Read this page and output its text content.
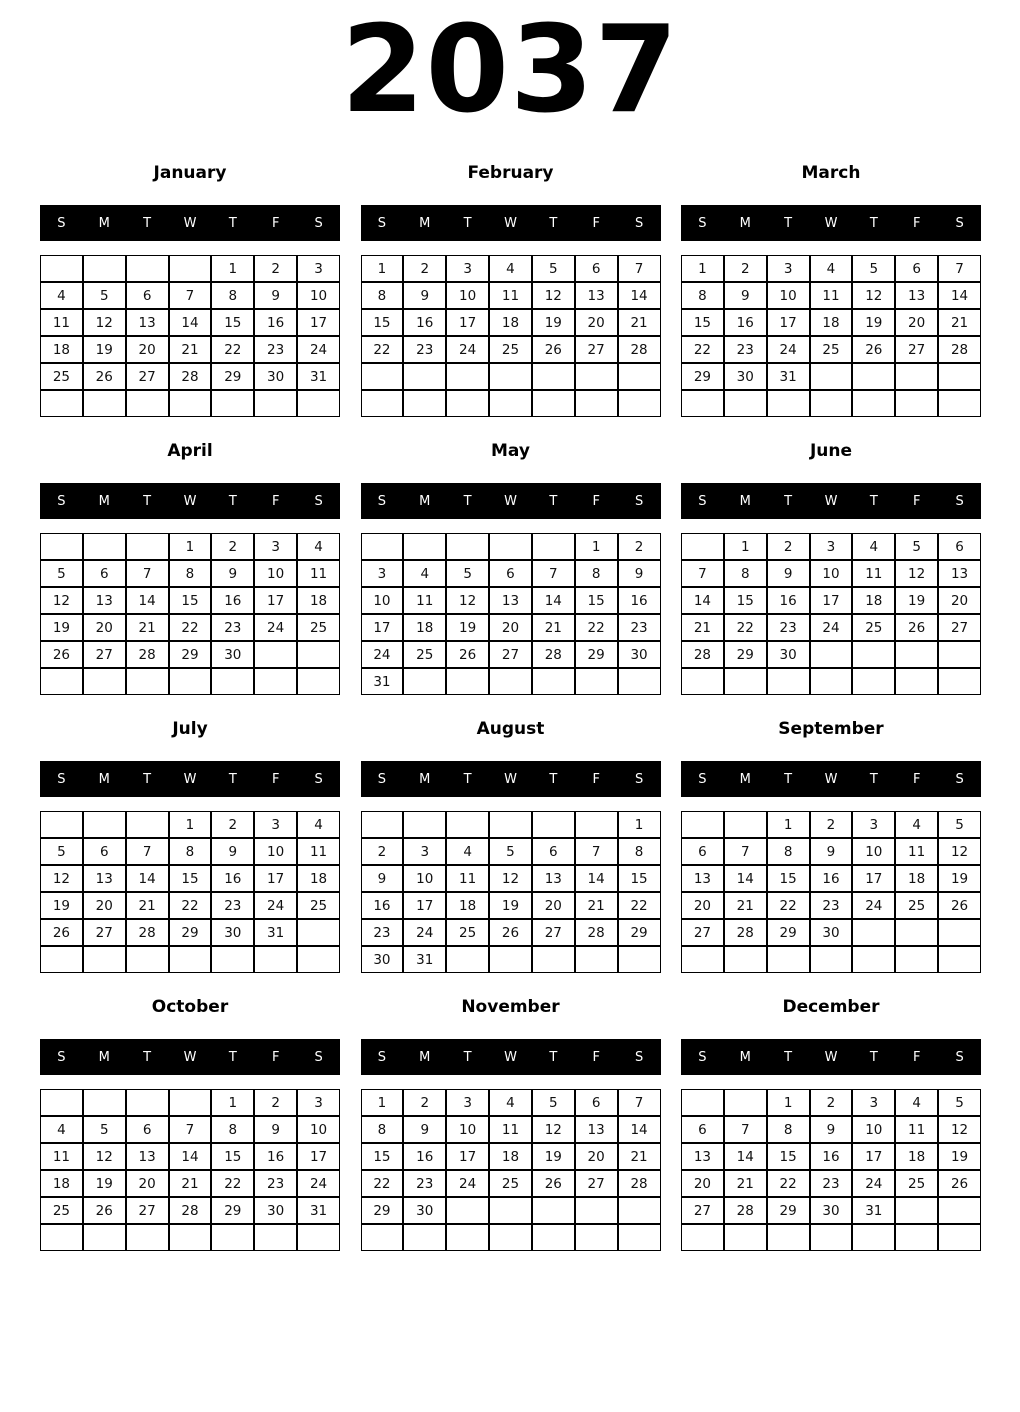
2037
January
S	M	T	W	T	F	S
				1	2	3
4	5	6	7	8	9	10
11	12	13	14	15	16	17
18	19	20	21	22	23	24
25	26	27	28	29	30	31

February
S	M	T	W	T	F	S
1	2	3	4	5	6	7
8	9	10	11	12	13	14
15	16	17	18	19	20	21
22	23	24	25	26	27	28

March
S	M	T	W	T	F	S
1	2	3	4	5	6	7
8	9	10	11	12	13	14
15	16	17	18	19	20	21
22	23	24	25	26	27	28
29	30	31				

April
S	M	T	W	T	F	S
			1	2	3	4
5	6	7	8	9	10	11
12	13	14	15	16	17	18
19	20	21	22	23	24	25
26	27	28	29	30		

May
S	M	T	W	T	F	S
					1	2
3	4	5	6	7	8	9
10	11	12	13	14	15	16
17	18	19	20	21	22	23
24	25	26	27	28	29	30
31						
June
S	M	T	W	T	F	S
	1	2	3	4	5	6
7	8	9	10	11	12	13
14	15	16	17	18	19	20
21	22	23	24	25	26	27
28	29	30				

July
S	M	T	W	T	F	S
			1	2	3	4
5	6	7	8	9	10	11
12	13	14	15	16	17	18
19	20	21	22	23	24	25
26	27	28	29	30	31	

August
S	M	T	W	T	F	S
						1
2	3	4	5	6	7	8
9	10	11	12	13	14	15
16	17	18	19	20	21	22
23	24	25	26	27	28	29
30	31					
September
S	M	T	W	T	F	S
		1	2	3	4	5
6	7	8	9	10	11	12
13	14	15	16	17	18	19
20	21	22	23	24	25	26
27	28	29	30			

October
S	M	T	W	T	F	S
				1	2	3
4	5	6	7	8	9	10
11	12	13	14	15	16	17
18	19	20	21	22	23	24
25	26	27	28	29	30	31

November
S	M	T	W	T	F	S
1	2	3	4	5	6	7
8	9	10	11	12	13	14
15	16	17	18	19	20	21
22	23	24	25	26	27	28
29	30					

December
S	M	T	W	T	F	S
		1	2	3	4	5
6	7	8	9	10	11	12
13	14	15	16	17	18	19
20	21	22	23	24	25	26
27	28	29	30	31		
